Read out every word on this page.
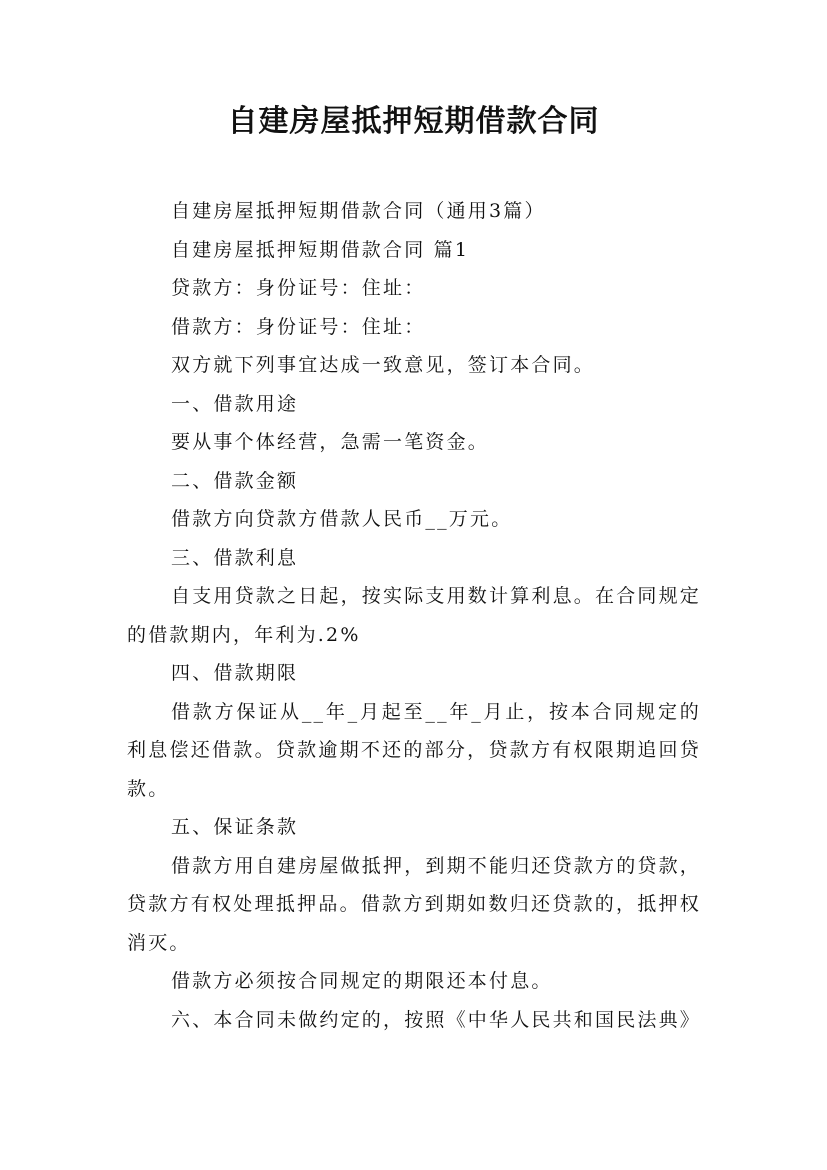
自建房屋抵押短期借款合同

自建房屋抵押短期借款合同（通用3篇）

自建房屋抵押短期借款合同 篇1

贷款方：身份证号：住址：

借款方：身份证号：住址：

双方就下列事宜达成一致意见，签订本合同。

一、借款用途

要从事个体经营，急需一笔资金。

二、借款金额

借款方向贷款方借款人民币__万元。

三、借款利息

自支用贷款之日起，按实际支用数计算利息。在合同规定的借款期内，年利为.2%

四、借款期限

借款方保证从__年_月起至__年_月止，按本合同规定的利息偿还借款。贷款逾期不还的部分，贷款方有权限期追回贷款。

五、保证条款

借款方用自建房屋做抵押，到期不能归还贷款方的贷款，贷款方有权处理抵押品。借款方到期如数归还贷款的，抵押权消灭。

借款方必须按合同规定的期限还本付息。

六、本合同未做约定的，按照《中华人民共和国民法典》
